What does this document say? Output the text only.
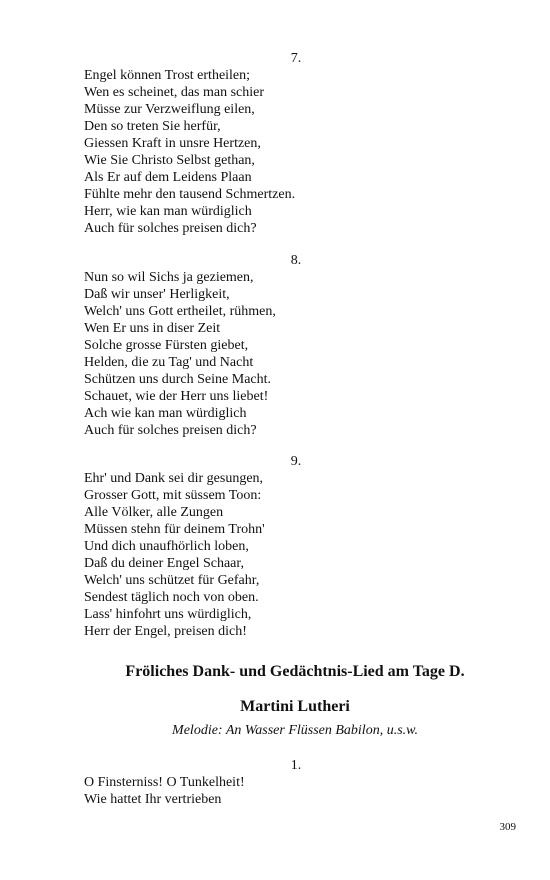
7.
Engel können Trost ertheilen;
Wen es scheinet, das man schier
Müsse zur Verzweiflung eilen,
Den so treten Sie herfür,
Giessen Kraft in unsre Hertzen,
Wie Sie Christo Selbst gethan,
Als Er auf dem Leidens Plaan
Fühlte mehr den tausend Schmertzen.
Herr, wie kan man würdiglich
Auch für solches preisen dich?
8.
Nun so wil Sichs ja geziemen,
Daß wir unser' Herligkeit,
Welch' uns Gott ertheilet, rühmen,
Wen Er uns in diser Zeit
Solche grosse Fürsten giebet,
Helden, die zu Tag' und Nacht
Schützen uns durch Seine Macht.
Schauet, wie der Herr uns liebet!
Ach wie kan man würdiglich
Auch für solches preisen dich?
9.
Ehr' und Dank sei dir gesungen,
Grosser Gott, mit süssem Toon:
Alle Völker, alle Zungen
Müssen stehn für deinem Trohn'
Und dich unaufhörlich loben,
Daß du deiner Engel Schaar,
Welch' uns schützet für Gefahr,
Sendest täglich noch von oben.
Lass' hinfohrt uns würdiglich,
Herr der Engel, preisen dich!
Fröliches Dank- und Gedächtnis-Lied am Tage D.
Martini Lutheri
Melodie: An Wasser Flüssen Babilon, u.s.w.
1.
O Finsterniss! O Tunkelheit!
Wie hattet Ihr vertrieben
309
